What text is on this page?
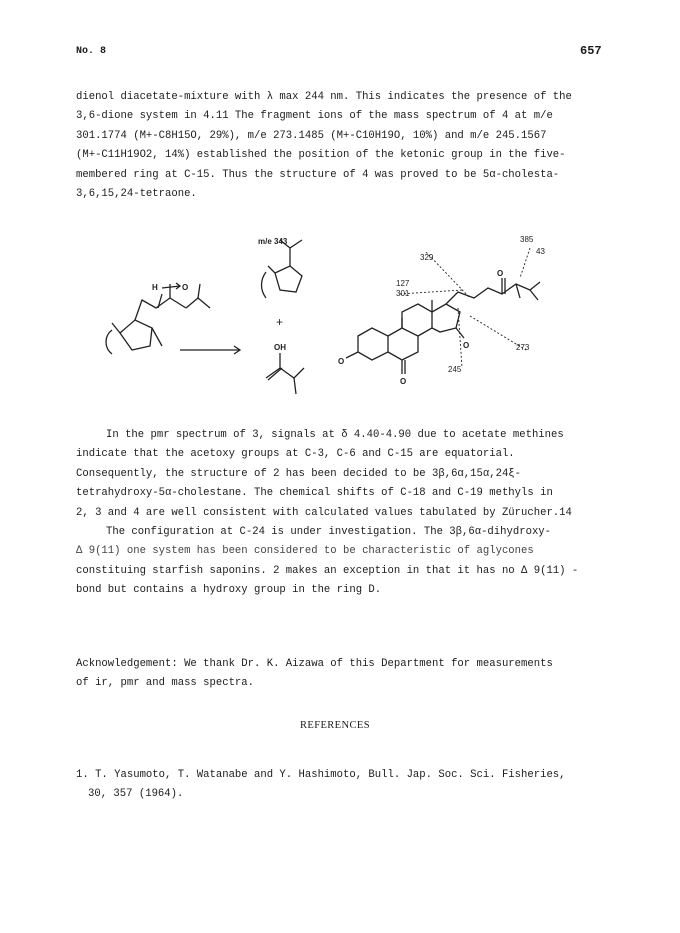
No. 8	657
dienol diacetate-mixture with λ max 244 nm. This indicates the presence of the
3,6-dione system in 4.11 The fragment ions of the mass spectrum of 4 at m/e
301.1774 (M+-C8H15O, 29%), m/e 273.1485 (M+-C10H19O, 10%) and m/e 245.1567
(M+-C11H19O2, 14%) established the position of the ketonic group in the five-
membered ring at C-15. Thus the structure of 4 was proved to be 5α-cholesta-
3,6,15,24-tetraone.
m/e 343
H	O
+
OH
385
43
329
127
301
273
245
O
O
O
O
In the pmr spectrum of 3, signals at δ 4.40-4.90 due to acetate methines
indicate that the acetoxy groups at C-3, C-6 and C-15 are equatorial.
Consequently, the structure of 2 has been decided to be 3β,6α,15α,24ξ-
tetrahydroxy-5α-cholestane. The chemical shifts of C-18 and C-19 methyls in
2, 3 and 4 are well consistent with calculated values tabulated by Zürucher.14
The configuration at C-24 is under investigation. The 3β,6α-dihydroxy-
Δ 9(11) one system has been considered to be characteristic of aglycones
constituing starfish saponins. 2 makes an exception in that it has no Δ 9(11) -
bond but contains a hydroxy group in the ring D.
Acknowledgement: We thank Dr. K. Aizawa of this Department for measurements
of ir, pmr and mass spectra.
REFERENCES
1. T. Yasumoto, T. Watanabe and Y. Hashimoto, Bull. Jap. Soc. Sci. Fisheries,
30, 357 (1964).
